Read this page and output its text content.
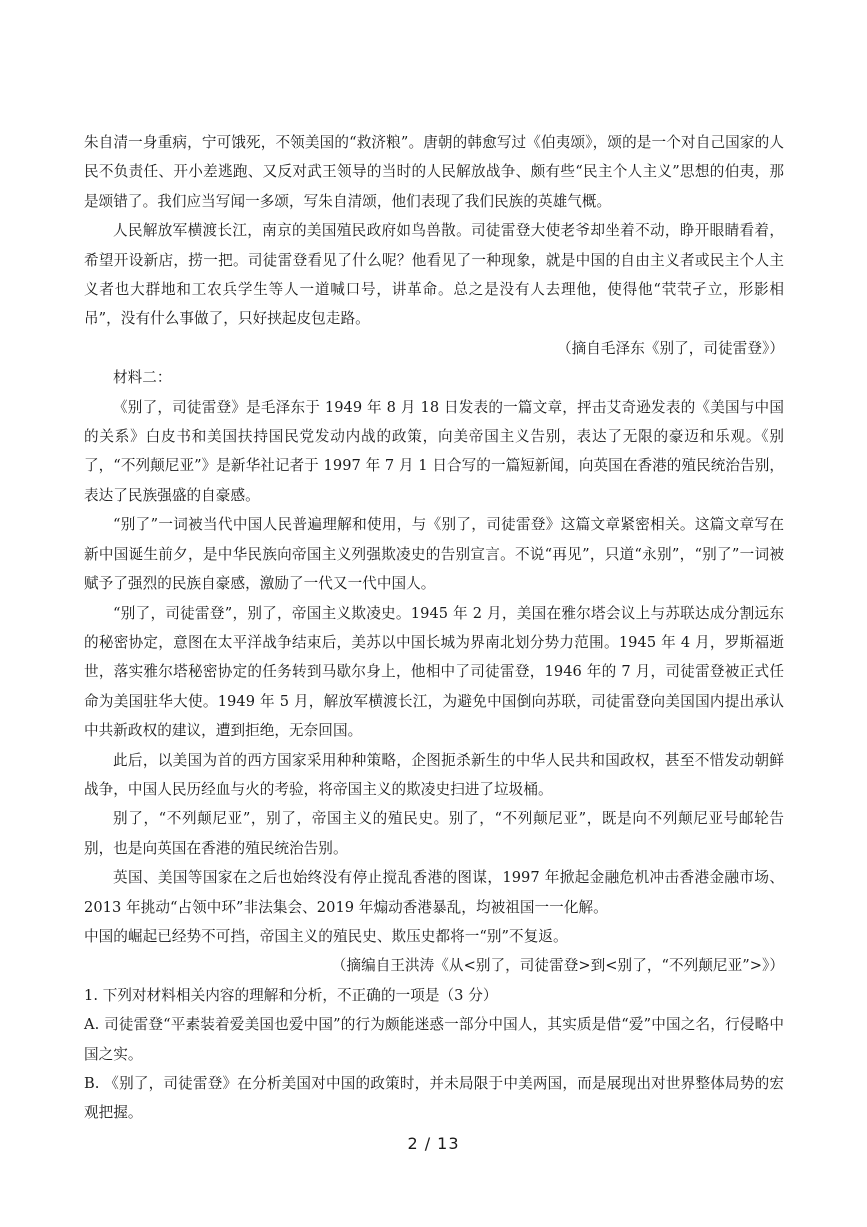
朱自清一身重病，宁可饿死，不领美国的“救济粮”。唐朝的韩愈写过《伯夷颂》，颂的是一个对自己国家的人民不负责任、开小差逃跑、又反对武王领导的当时的人民解放战争、颇有些“民主个人主义”思想的伯夷，那是颂错了。我们应当写闻一多颂，写朱自清颂，他们表现了我们民族的英雄气概。

人民解放军横渡长江，南京的美国殖民政府如鸟兽散。司徒雷登大使老爷却坐着不动，睁开眼睛看着，希望开设新店，捞一把。司徒雷登看见了什么呢？他看见了一种现象，就是中国的自由主义者或民主个人主义者也大群地和工农兵学生等人一道喊口号，讲革命。总之是没有人去理他，使得他“茕茕孑立，形影相吊”，没有什么事做了，只好挟起皮包走路。

（摘自毛泽东《别了，司徒雷登》）

材料二：

《别了，司徒雷登》是毛泽东于 1949 年 8 月 18 日发表的一篇文章，抨击艾奇逊发表的《美国与中国的关系》白皮书和美国扶持国民党发动内战的政策，向美帝国主义告别，表达了无限的豪迈和乐观。《别了，“不列颠尼亚”》是新华社记者于 1997 年 7 月 1 日合写的一篇短新闻，向英国在香港的殖民统治告别，表达了民族强盛的自豪感。

“别了”一词被当代中国人民普遍理解和使用，与《别了，司徒雷登》这篇文章紧密相关。这篇文章写在新中国诞生前夕，是中华民族向帝国主义列强欺凌史的告别宣言。不说“再见”，只道“永别”，“别了”一词被赋予了强烈的民族自豪感，激励了一代又一代中国人。

“别了，司徒雷登”，别了，帝国主义欺凌史。1945 年 2 月，美国在雅尔塔会议上与苏联达成分割远东的秘密协定，意图在太平洋战争结束后，美苏以中国长城为界南北划分势力范围。1945 年 4 月，罗斯福逝世，落实雅尔塔秘密协定的任务转到马歇尔身上，他相中了司徒雷登，1946 年的 7 月，司徒雷登被正式任命为美国驻华大使。1949 年 5 月，解放军横渡长江，为避免中国倒向苏联，司徒雷登向美国国内提出承认中共新政权的建议，遭到拒绝，无奈回国。

此后，以美国为首的西方国家采用种种策略，企图扼杀新生的中华人民共和国政权，甚至不惜发动朝鲜战争，中国人民历经血与火的考验，将帝国主义的欺凌史扫进了垃圾桶。

别了，“不列颠尼亚”，别了，帝国主义的殖民史。别了，“不列颠尼亚”，既是向不列颠尼亚号邮轮告别，也是向英国在香港的殖民统治告别。

英国、美国等国家在之后也始终没有停止搅乱香港的图谋，1997 年掀起金融危机冲击香港金融市场、2013 年挑动“占领中环”非法集会、2019 年煽动香港暴乱，均被祖国一一化解。

中国的崛起已经势不可挡，帝国主义的殖民史、欺压史都将一“别”不复返。

（摘编自王洪涛《从<别了，司徒雷登>到<别了，“不列颠尼亚”>》）

1. 下列对材料相关内容的理解和分析，不正确的一项是（3 分）

A. 司徒雷登“平素装着爱美国也爱中国”的行为颇能迷惑一部分中国人，其实质是借“爱”中国之名，行侵略中国之实。

B. 《别了，司徒雷登》在分析美国对中国的政策时，并未局限于中美两国，而是展现出对世界整体局势的宏观把握。

2 / 13
